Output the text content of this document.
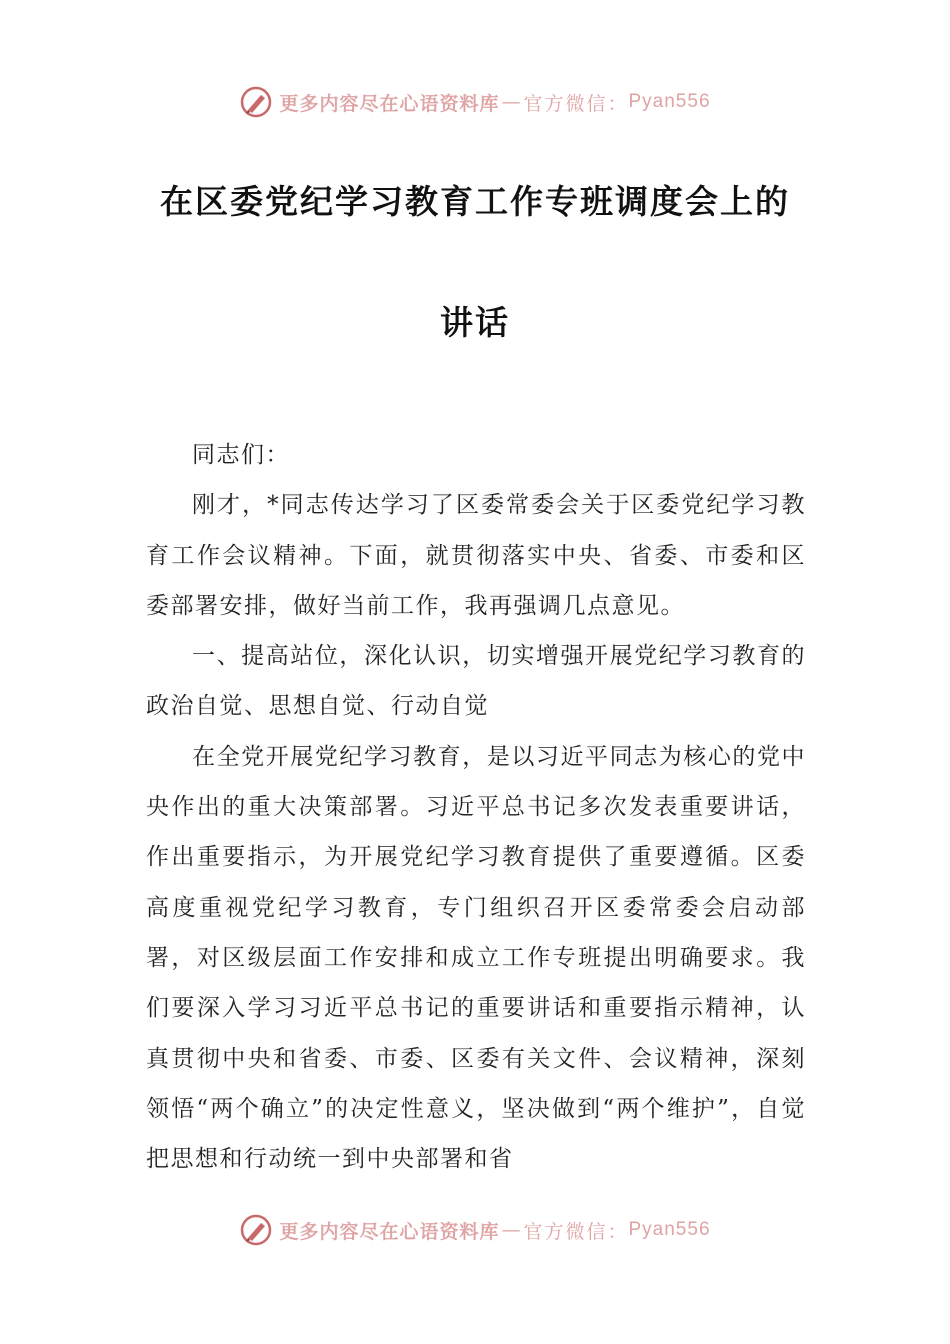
更多内容尽在心语资料库 — 官方微信： Pyan556
在区委党纪学习教育工作专班调度会上的
讲话

同志们：

刚才，*同志传达学习了区委常委会关于区委党纪学习教育工作会议精神。下面，就贯彻落实中央、省委、市委和区委部署安排，做好当前工作，我再强调几点意见。

一、提高站位，深化认识，切实增强开展党纪学习教育的政治自觉、思想自觉、行动自觉

在全党开展党纪学习教育，是以习近平同志为核心的党中央作出的重大决策部署。习近平总书记多次发表重要讲话，作出重要指示，为开展党纪学习教育提供了重要遵循。区委高度重视党纪学习教育，专门组织召开区委常委会启动部署，对区级层面工作安排和成立工作专班提出明确要求。我们要深入学习习近平总书记的重要讲话和重要指示精神，认真贯彻中央和省委、市委、区委有关文件、会议精神，深刻领悟“两个确立”的决定性意义，坚决做到“两个维护”，自觉把思想和行动统一到中央部署和省

更多内容尽在心语资料库 — 官方微信： Pyan556
